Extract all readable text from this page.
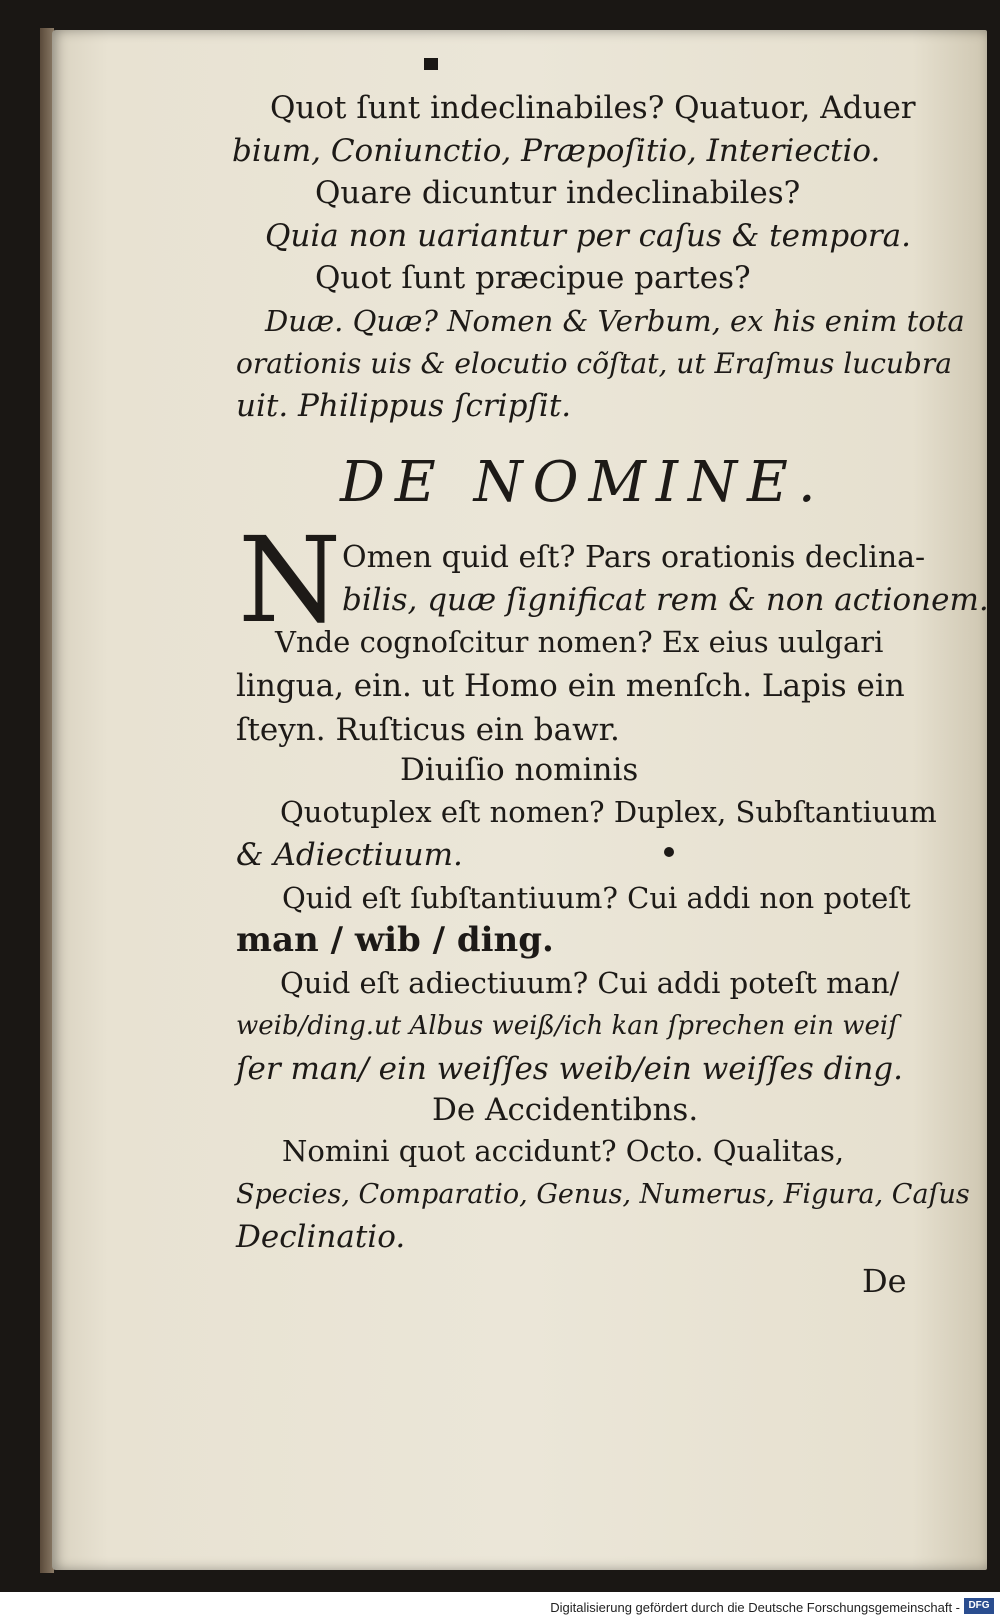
Quot ſunt indeclinabiles? Quatuor, Aduer
bium, Coniunctio, Præpoſitio, Interiectio.
Quare dicuntur indeclinabiles?
Quia non uariantur per caſus & tempora.
Quot ſunt præcipue partes?
Duæ. Quæ? Nomen & Verbum, ex his enim tota
orationis uis & elocutio cõſtat, ut Eraſmus lucubra
uit. Philippus ſcripſit.
DE NOMINE.
N Omen quid eſt? Pars orationis declina-
bilis, quæ ſignificat rem & non actionem.
Vnde cognoſcitur nomen? Ex eius uulgari
lingua, ein. ut Homo ein menſch. Lapis ein
ſteyn. Ruſticus ein bawr.
Diuiſio nominis
Quotuplex eſt nomen? Duplex, Subſtantiuum
& Adiectiuum.
Quid eſt ſubſtantiuum? Cui addi non poteſt
man / wib / ding.
Quid eſt adiectiuum? Cui addi poteſt man/
weib/ding.ut Albus weiß/ich kan ſprechen ein weiſ
ſer man/ ein weiſſes weib/ein weiſſes ding.
De Accidentibns.
Nomini quot accidunt? Octo. Qualitas,
Species, Comparatio, Genus, Numerus, Figura, Caſus
Declinatio.
De
Digitalisierung gefördert durch die Deutsche Forschungsgemeinschaft - DFG
